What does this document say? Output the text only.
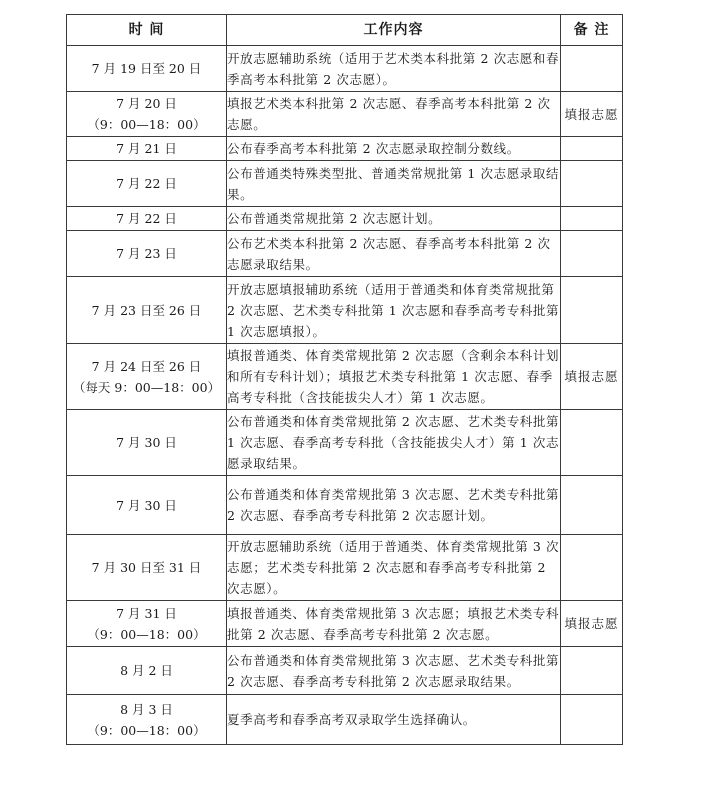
时 间	工作内容	备 注

7 月 19 日至 20 日	开放志愿辅助系统（适用于艺术类本科批第 2 次志愿和春季高考本科批第 2 次志愿）。	

7 月 20 日
（9：00—18：00）	填报艺术类本科批第 2 次志愿、春季高考本科批第 2 次志愿。	填报志愿

7 月 21 日	公布春季高考本科批第 2 次志愿录取控制分数线。	

7 月 22 日	公布普通类特殊类型批、普通类常规批第 1 次志愿录取结果。	

7 月 22 日	公布普通类常规批第 2 次志愿计划。	

7 月 23 日	公布艺术类本科批第 2 次志愿、春季高考本科批第 2 次志愿录取结果。	

7 月 23 日至 26 日	开放志愿填报辅助系统（适用于普通类和体育类常规批第 2 次志愿、艺术类专科批第 1 次志愿和春季高考专科批第 1 次志愿填报）。	

7 月 24 日至 26 日
（每天 9：00—18：00）	填报普通类、体育类常规批第 2 次志愿（含剩余本科计划和所有专科计划）；填报艺术类专科批第 1 次志愿、春季高考专科批（含技能拔尖人才）第 1 次志愿。	填报志愿

7 月 30 日	公布普通类和体育类常规批第 2 次志愿、艺术类专科批第 1 次志愿、春季高考专科批（含技能拔尖人才）第 1 次志愿录取结果。	

7 月 30 日	公布普通类和体育类常规批第 3 次志愿、艺术类专科批第 2 次志愿、春季高考专科批第 2 次志愿计划。	

7 月 30 日至 31 日	开放志愿辅助系统（适用于普通类、体育类常规批第 3 次志愿；艺术类专科批第 2 次志愿和春季高考专科批第 2 次志愿）。	

7 月 31 日
（9：00—18：00）	填报普通类、体育类常规批第 3 次志愿；填报艺术类专科批第 2 次志愿、春季高考专科批第 2 次志愿。	填报志愿

8 月 2 日	公布普通类和体育类常规批第 3 次志愿、艺术类专科批第 2 次志愿、春季高考专科批第 2 次志愿录取结果。	

8 月 3 日
（9：00—18：00）	夏季高考和春季高考双录取学生选择确认。	
